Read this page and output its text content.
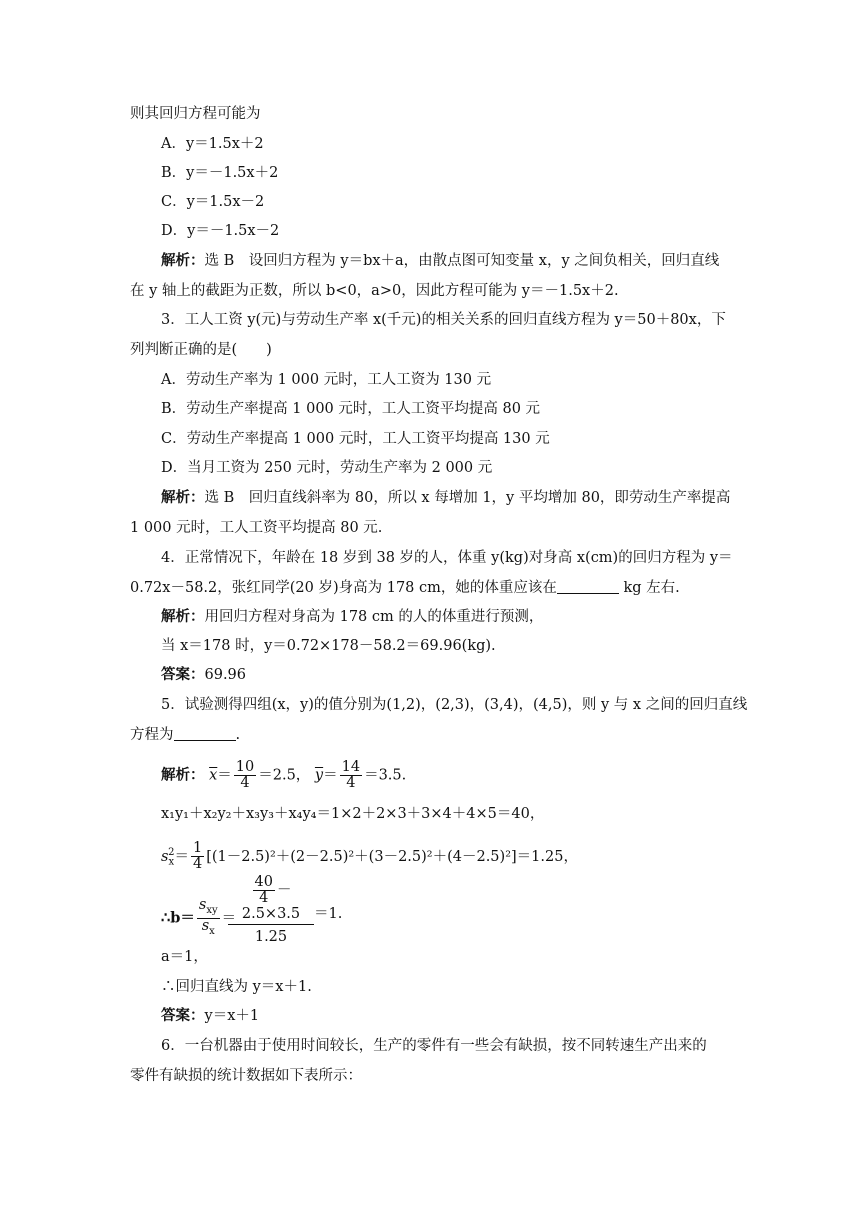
则其回归方程可能为
A．y＝1.5x＋2
B．y＝－1.5x＋2
C．y＝1.5x－2
D．y＝－1.5x－2
解析：选 B　设回归方程为 y＝bx＋a，由散点图可知变量 x，y 之间负相关，回归直线
在 y 轴上的截距为正数，所以 b<0，a>0，因此方程可能为 y＝－1.5x＋2.
3．工人工资 y(元)与劳动生产率 x(千元)的相关关系的回归直线方程为 y＝50＋80x，下
列判断正确的是(　　)
A．劳动生产率为 1 000 元时，工人工资为 130 元
B．劳动生产率提高 1 000 元时，工人工资平均提高 80 元
C．劳动生产率提高 1 000 元时，工人工资平均提高 130 元
D．当月工资为 250 元时，劳动生产率为 2 000 元
解析：选 B　回归直线斜率为 80，所以 x 每增加 1，y 平均增加 80，即劳动生产率提高
1 000 元时，工人工资平均提高 80 元.
4．正常情况下，年龄在 18 岁到 38 岁的人，体重 y(kg)对身高 x(cm)的回归方程为 y＝
0.72x－58.2，张红同学(20 岁)身高为 178 cm，她的体重应该在	kg 左右.
解析：用回归方程对身高为 178 cm 的人的体重进行预测，
当 x＝178 时，y＝0.72×178－58.2＝69.96(kg).
答案：69.96
5．试验测得四组(x，y)的值分别为(1,2)，(2,3)，(3,4)，(4,5)，则 y 与 x 之间的回归直线
方程为	.
解析： $\overline{x}= \frac{10}{4} =2.5$， $\overline{y}= \frac{14}{4} =3.5$.
x₁y₁＋x₂y₂＋x₃y₃＋x₄y₄＝1×2＋2×3＋3×4＋4×5＝40，
$s_x^2= \frac{1}{4} [(1-2.5)^2+(2-2.5)^2+(3-2.5)^2+(4-2.5)^2]=1.25$，
∴b＝ $\frac{s_{xy}}{s_x}$ ＝
$\frac{\frac{40}{4} -2.5\times 3.5}{1.25} =1$.
a＝1，
∴回归直线为 y＝x＋1.
答案：y＝x＋1
6．一台机器由于使用时间较长，生产的零件有一些会有缺损，按不同转速生产出来的
零件有缺损的统计数据如下表所示：
